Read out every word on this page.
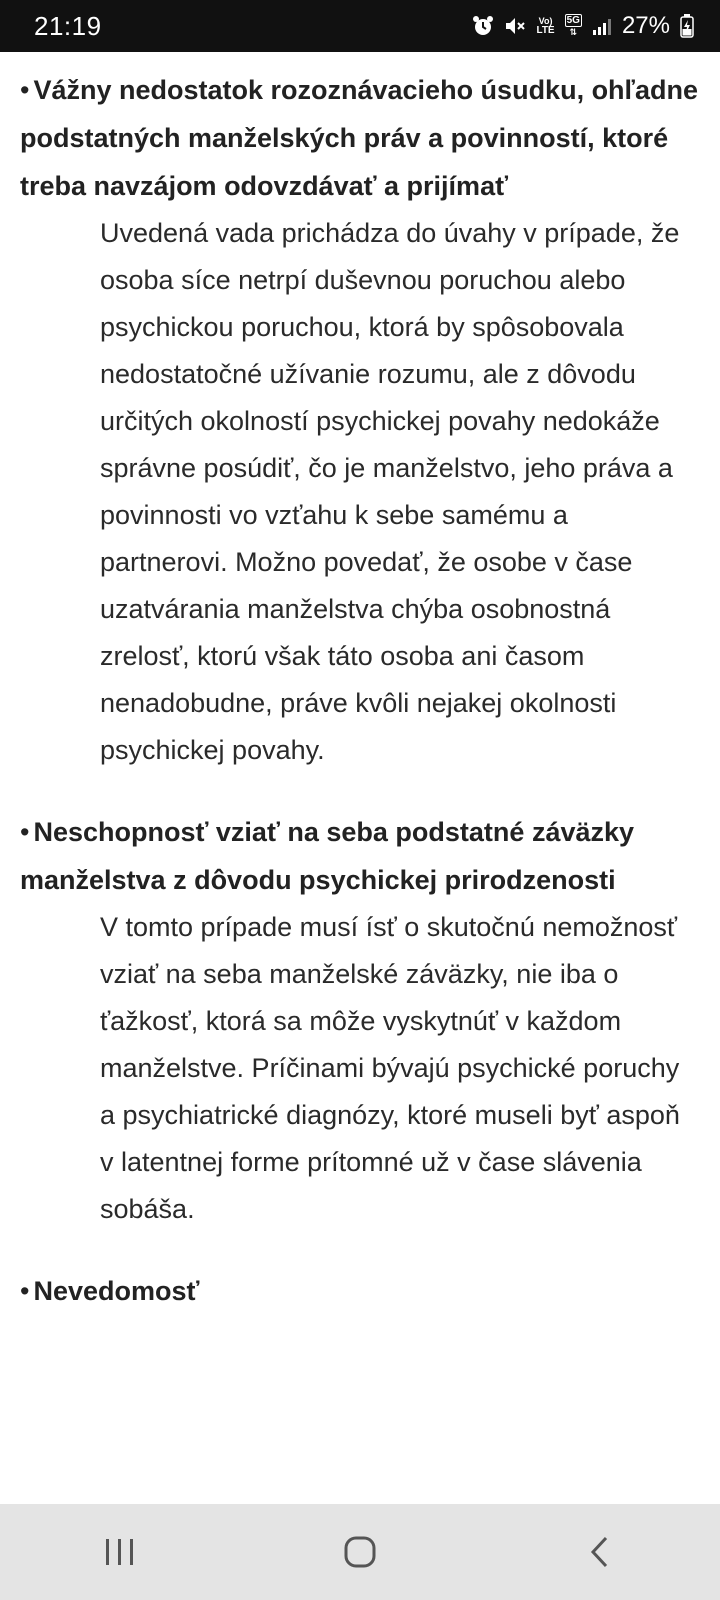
21:19	Vo)
LTE
5G
⇅ 27%

• Vážny nedostatok rozoznávacieho úsudku, ohľadne podstatných manželských práv a povinností, ktoré treba navzájom odovzdávať a prijímať

Uvedená vada prichádza do úvahy v prípade, že osoba síce netrpí duševnou poruchou alebo psychickou poruchou, ktorá by spôsobovala nedostatočné užívanie rozumu, ale z dôvodu určitých okolností psychickej povahy nedokáže správne posúdiť, čo je manželstvo, jeho práva a povinnosti vo vzťahu k sebe samému a partnerovi. Možno povedať, že osobe v čase uzatvárania manželstva chýba osobnostná zrelosť, ktorú však táto osoba ani časom nenadobudne, práve kvôli nejakej okolnosti psychickej povahy.

• Neschopnosť vziať na seba podstatné záväzky manželstva z dôvodu psychickej prirodzenosti

V tomto prípade musí ísť o skutočnú nemožnosť vziať na seba manželské záväzky, nie iba o ťažkosť, ktorá sa môže vyskytnúť v každom manželstve. Príčinami bývajú psychické poruchy a psychiatrické diagnózy, ktoré museli byť aspoň v latentnej forme prítomné už v čase slávenia sobáša.

• Nevedomosť
